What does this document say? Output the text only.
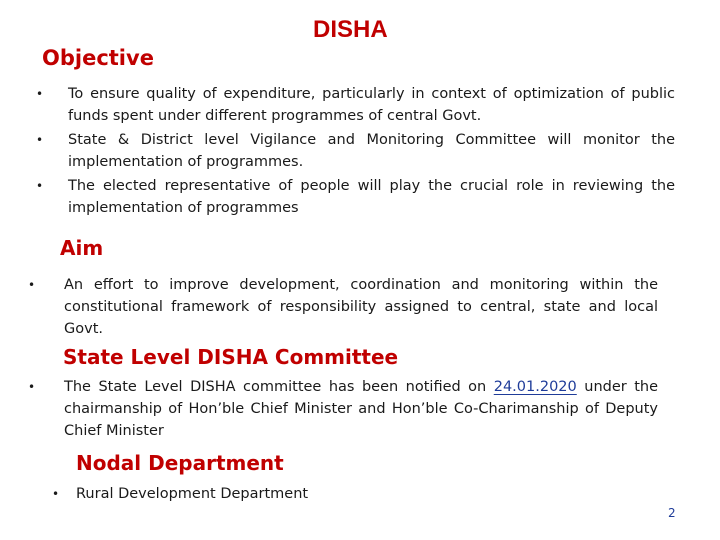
DISHA
Objective
• To ensure quality of expenditure, particularly in context of optimization of public funds spent under different programmes of central Govt.
• State & District level Vigilance and Monitoring Committee will monitor the implementation of programmes.
• The elected representative of people will play the crucial role in reviewing the implementation of programmes
Aim
• An effort to improve development, coordination and monitoring within the constitutional framework of responsibility assigned to central, state and local Govt.
State Level DISHA Committee
• The State Level DISHA committee has been notified on 24.01.2020 under the chairmanship of Hon’ble Chief Minister and Hon’ble Co-Charimanship of Deputy Chief Minister
Nodal Department
• Rural Development Department
2
